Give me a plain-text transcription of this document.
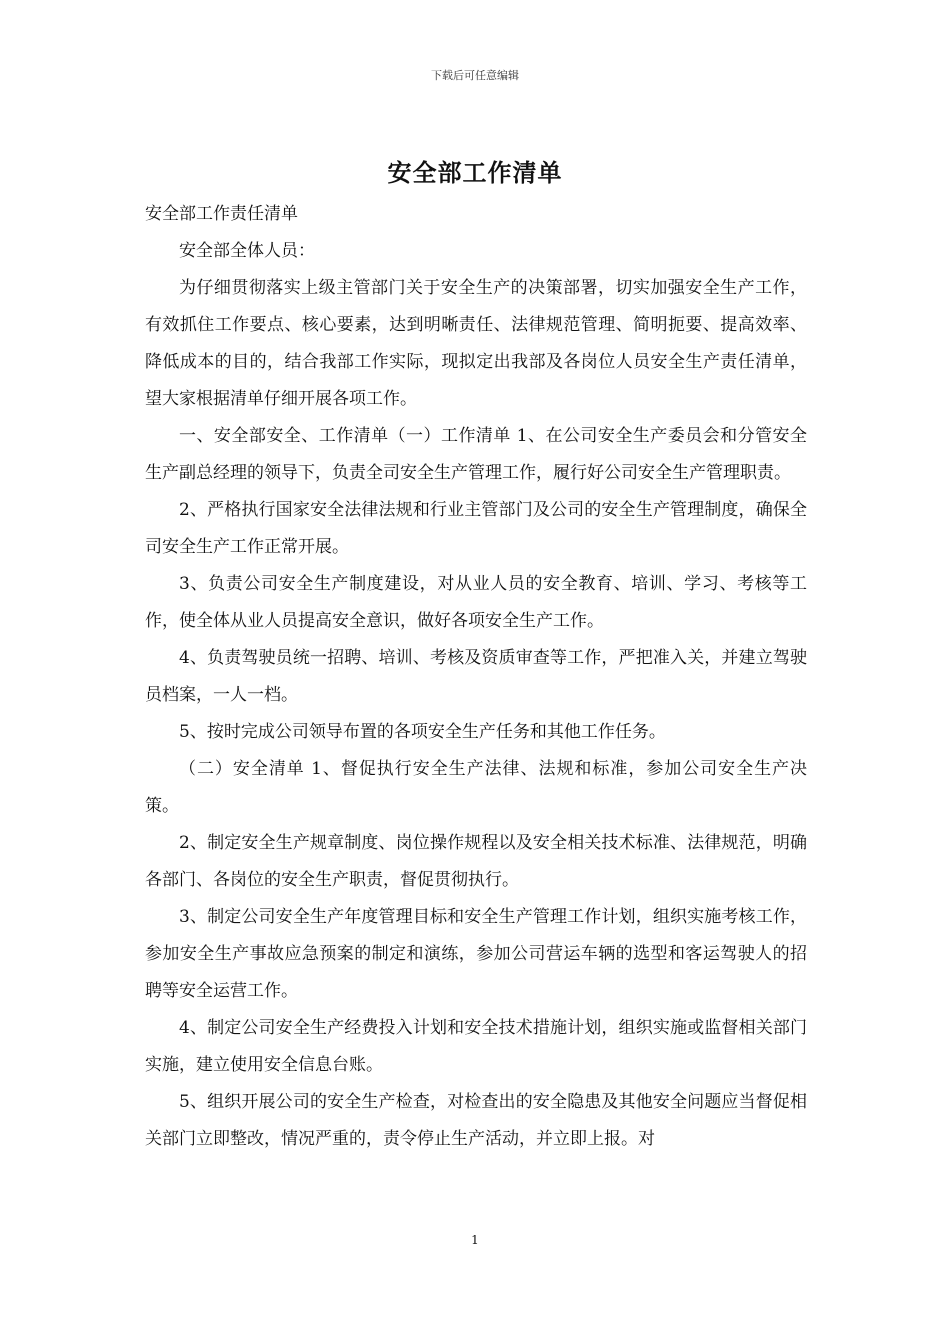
下载后可任意编辑
安全部工作清单

安全部工作责任清单

安全部全体人员：

为仔细贯彻落实上级主管部门关于安全生产的决策部署，切实加强安全生产工作，有效抓住工作要点、核心要素，达到明晰责任、法律规范管理、简明扼要、提高效率、降低成本的目的，结合我部工作实际，现拟定出我部及各岗位人员安全生产责任清单，望大家根据清单仔细开展各项工作。

一、安全部安全、工作清单（一）工作清单 1、在公司安全生产委员会和分管安全生产副总经理的领导下，负责全司安全生产管理工作，履行好公司安全生产管理职责。

2、严格执行国家安全法律法规和行业主管部门及公司的安全生产管理制度，确保全司安全生产工作正常开展。

3、负责公司安全生产制度建设，对从业人员的安全教育、培训、学习、考核等工作，使全体从业人员提高安全意识，做好各项安全生产工作。

4、负责驾驶员统一招聘、培训、考核及资质审查等工作，严把准入关，并建立驾驶员档案，一人一档。

5、按时完成公司领导布置的各项安全生产任务和其他工作任务。

（二）安全清单 1、督促执行安全生产法律、法规和标准，参加公司安全生产决策。

2、制定安全生产规章制度、岗位操作规程以及安全相关技术标准、法律规范，明确各部门、各岗位的安全生产职责，督促贯彻执行。

3、制定公司安全生产年度管理目标和安全生产管理工作计划，组织实施考核工作，参加安全生产事故应急预案的制定和演练，参加公司营运车辆的选型和客运驾驶人的招聘等安全运营工作。

4、制定公司安全生产经费投入计划和安全技术措施计划，组织实施或监督相关部门实施，建立使用安全信息台账。

5、组织开展公司的安全生产检查，对检查出的安全隐患及其他安全问题应当督促相关部门立即整改，情况严重的，责令停止生产活动，并立即上报。对

1
